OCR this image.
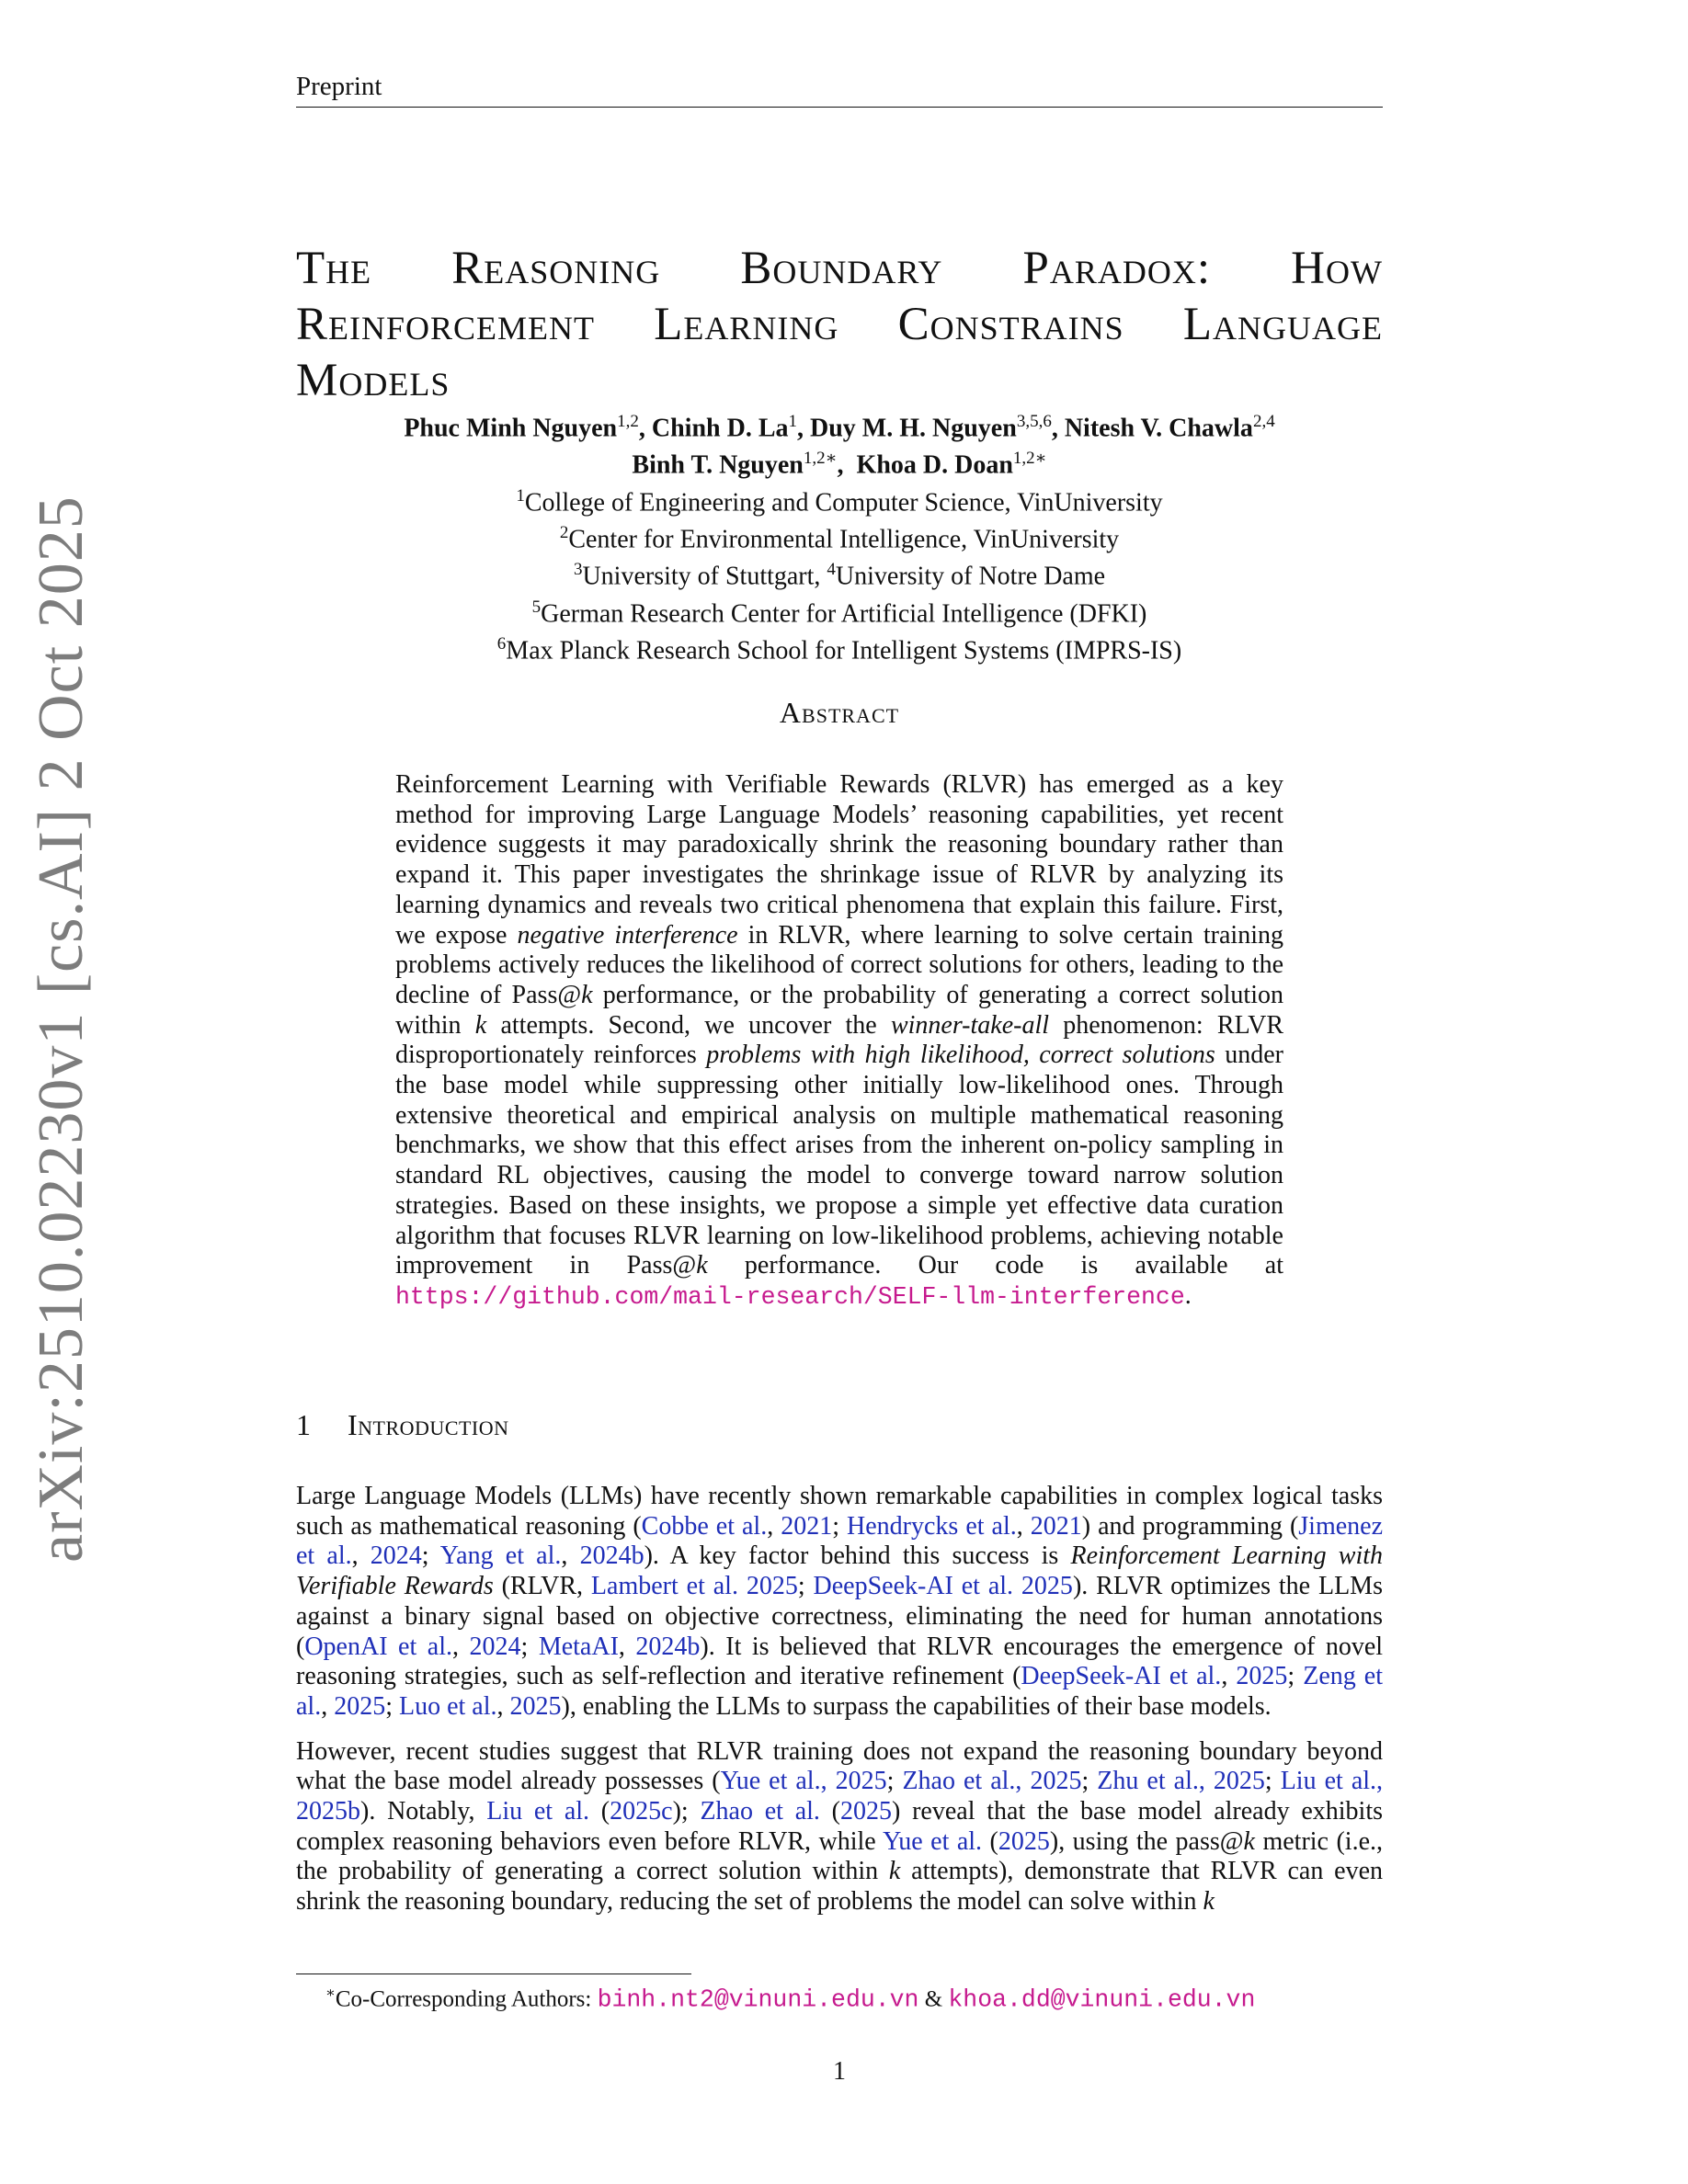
Preprint
arXiv:2510.02230v1 [cs.AI] 2 Oct 2025
The Reasoning Boundary Paradox: How Reinforcement Learning Constrains Language Models
Phuc Minh Nguyen$^{1,2}$, Chinh D. La$^1$, Duy M. H. Nguyen$^{3,5,6}$, Nitesh V. Chawla$^{2,4}$
Binh T. Nguyen$^{1,2∗}$,  Khoa D. Doan$^{1,2∗}$
$^1$College of Engineering and Computer Science, VinUniversity
$^2$Center for Environmental Intelligence, VinUniversity
$^3$University of Stuttgart, $^4$University of Notre Dame
$^5$German Research Center for Artificial Intelligence (DFKI)
$^6$Max Planck Research School for Intelligent Systems (IMPRS-IS)
Abstract
Reinforcement Learning with Verifiable Rewards (RLVR) has emerged as a key method for improving Large Language Models’ reasoning capabilities, yet recent evidence suggests it may paradoxically shrink the reasoning boundary rather than expand it. This paper investigates the shrinkage issue of RLVR by analyzing its learning dynamics and reveals two critical phenomena that explain this failure. First, we expose negative interference in RLVR, where learning to solve certain training problems actively reduces the likelihood of correct solutions for others, leading to the decline of Pass@k performance, or the probability of generating a correct solution within k attempts. Second, we uncover the winner-take-all phenomenon: RLVR disproportionately reinforces problems with high likelihood, correct solutions under the base model while suppressing other initially low-likelihood ones. Through extensive theoretical and empirical analysis on multiple mathematical reasoning benchmarks, we show that this effect arises from the inherent on-policy sampling in standard RL objectives, causing the model to converge toward narrow solution strategies. Based on these insights, we propose a simple yet effective data curation algorithm that focuses RLVR learning on low-likelihood problems, achieving notable improvement in Pass@k performance. Our code is available at https://github.com/mail-research/SELF-llm-interference.
1 Introduction

Large Language Models (LLMs) have recently shown remarkable capabilities in complex logical tasks such as mathematical reasoning (Cobbe et al., 2021; Hendrycks et al., 2021) and programming (Jimenez et al., 2024; Yang et al., 2024b). A key factor behind this success is Reinforcement Learning with Verifiable Rewards (RLVR, Lambert et al. 2025; DeepSeek-AI et al. 2025). RLVR optimizes the LLMs against a binary signal based on objective correctness, eliminating the need for human annotations (OpenAI et al., 2024; MetaAI, 2024b). It is believed that RLVR encourages the emergence of novel reasoning strategies, such as self-reflection and iterative refinement (DeepSeek-AI et al., 2025; Zeng et al., 2025; Luo et al., 2025), enabling the LLMs to surpass the capabilities of their base models.

However, recent studies suggest that RLVR training does not expand the reasoning boundary beyond what the base model already possesses (Yue et al., 2025; Zhao et al., 2025; Zhu et al., 2025; Liu et al., 2025b). Notably, Liu et al. (2025c); Zhao et al. (2025) reveal that the base model already exhibits complex reasoning behaviors even before RLVR, while Yue et al. (2025), using the pass@k metric (i.e., the probability of generating a correct solution within k attempts), demonstrate that RLVR can even shrink the reasoning boundary, reducing the set of problems the model can solve within k

∗Co-Corresponding Authors: binh.nt2@vinuni.edu.vn & khoa.dd@vinuni.edu.vn
1
